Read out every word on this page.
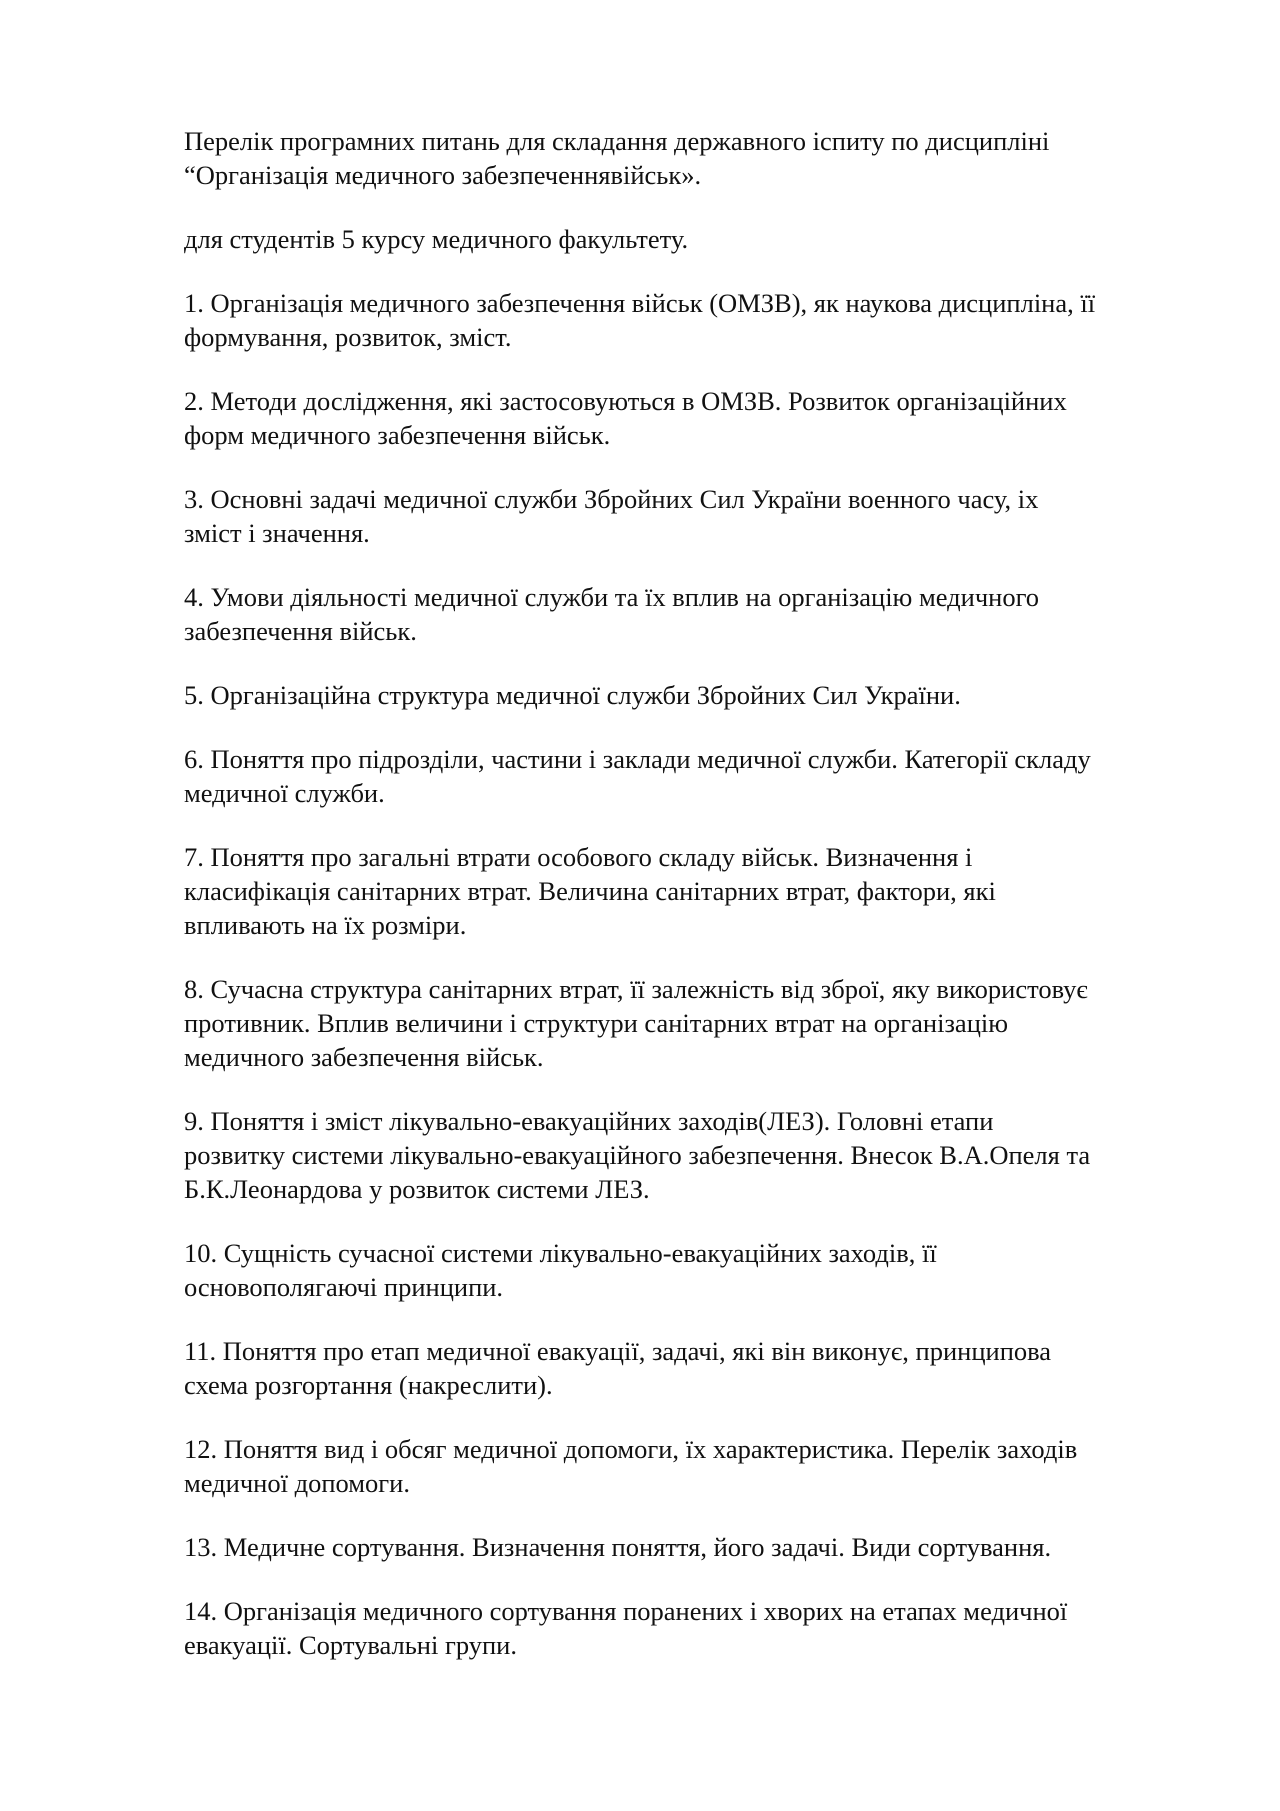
Перелік програмних питань для складання державного іспиту по дисципліні
“Організація медичного забезпеченнявійськ».

для студентів 5 курсу медичного факультету.

1. Організація медичного забезпечення військ (ОМЗВ), як наукова дисципліна, її
формування, розвиток, зміст.

2. Методи дослідження, які застосовуються в ОМЗВ. Розвиток організаційних
форм медичного забезпечення військ.

3. Основні задачі медичної служби Збройних Сил України военного часу, іх
зміст і значення.

4. Умови діяльності медичної служби та їх вплив на організацію медичного
забезпечення військ.

5. Організаційна структура медичної служби Збройних Сил України.

6. Поняття про підрозділи, частини і заклади медичної служби. Категорії складу
медичної служби.

7. Поняття про загальні втрати особового складу військ. Визначення і
класифікація санітарних втрат. Величина санітарних втрат, фактори, які
впливають на їх розміри.

8. Сучасна структура санітарних втрат, її залежність від зброї, яку використовує
противник. Вплив величини і структури санітарних втрат на організацію
медичного забезпечення військ.

9. Поняття і зміст лікувально-евакуаційних заходів(ЛЕЗ). Головні етапи
розвитку системи лікувально-евакуаційного забезпечення. Внесок В.А.Опеля та
Б.К.Леонардова у розвиток системи ЛЕЗ.

10. Сущність сучасної системи лікувально-евакуаційних заходів, її
основополягаючі принципи.

11. Поняття про етап медичної евакуації, задачі, які він виконує, принципова
схема розгортання (накреслити).

12. Поняття вид і обсяг медичної допомоги, їх характеристика. Перелік заходів
медичної допомоги.

13. Медичне сортування. Визначення поняття, його задачі. Види сортування.

14. Організація медичного сортування поранених і хворих на етапах медичної
евакуації. Сортувальні групи.
